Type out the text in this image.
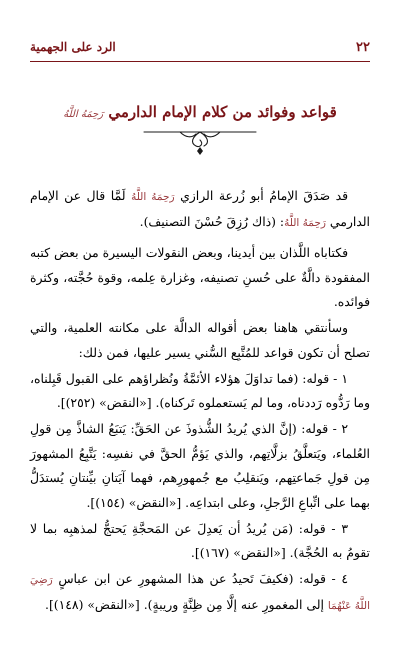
٢٢
الرد على الجهمية
قواعد وفوائد من كلام الإمام الدارمي رَحِمَهُ اللَّهُ

قد صَدَقَ الإمامُ أبو زُرعة الرازي رَحِمَهُ اللَّهُ لَمَّا قال عن الإمام الدارمي رَحِمَهُ اللَّهُ: (ذاك رُزِقَ حُسْنَ التصنيف).

فكتاباه اللَّذان بين أيدينا، وبعض النقولات اليسيرة من بعض كتبه المفقودة دالَّةٌ على حُسنِ تصنيفه، وغزارة عِلمه، وقوة حُجَّته، وكثرة فوائده.

وسأنتقي هاهنا بعض أقواله الدالَّة على مكانته العلمية، والتي تصلح أن تكون قواعد للمُتَّبِع السُّني يسير عليها، فمن ذلك:

١ - قوله: (فما تداوَلَ هؤلاء الأئمَّةُ ونُظراؤهم على القبول قَبِلناه، وما رَدُّوه رَددناه، وما لم يَستعملوه تَركناه). [«النقض» (٢٥٢)].

٢ - قوله: (إنَّ الذي يُريدُ الشُّذوذَ عن الحَقِّ: يَتبَعُ الشاذَّ مِن قولِ العُلماء، ويَتعلَّقُ بزلَّاتِهم، والذي يَؤمُّ الحقَّ في نفسِه: يَتَّبِعُ المشهورَ مِن قولِ جَماعتِهم، ويَنقلِبُ مع جُمهورِهم، فهما آيَتانِ بيِّنتانِ يُستدَلُّ بهما على اتِّباعِ الرَّجلِ، وعلى ابتداعِه. [«النقض» (١٥٤)].

٣ - قوله: (مَن يُريدُ أن يَعدِلَ عن المَحجَّةِ يَحتجُّ لمذهبِه بما لا تقومُ به الحُجَّة). [«النقض» (١٦٧)].

٤ - قوله: (فكيفَ تَحيدُ عن هذا المشهورِ عن ابن عباسٍ رَضِيَ اللَّهُ عَنْهُمَا إلى المغمورِ عنه إلَّا مِن ظِنَّةٍ وريبةٍ). [«النقض» (١٤٨)].
